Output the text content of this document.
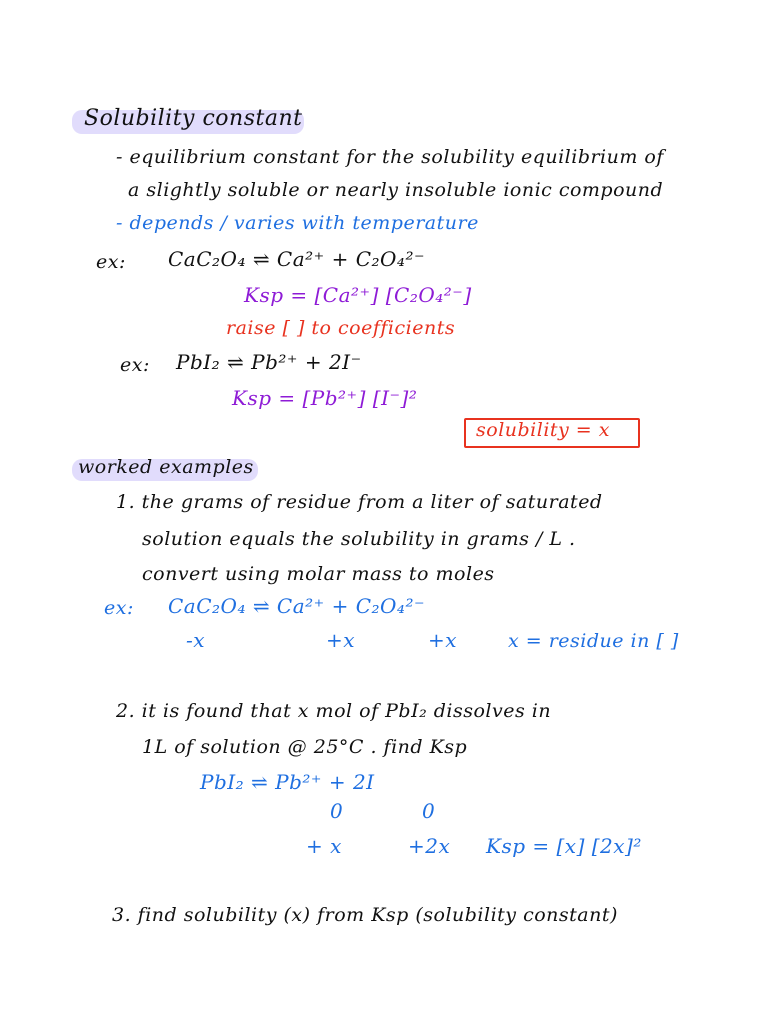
Solubility constant
- equilibrium constant for the solubility equilibrium of
a slightly soluble or nearly insoluble ionic compound
- depends / varies with temperature
ex: CaC₂O₄ ⇌ Ca²⁺ + C₂O₄²⁻
Ksp = [Ca²⁺] [C₂O₄²⁻]
raise [ ] to coefficients
ex: PbI₂ ⇌ Pb²⁺ + 2I⁻
Ksp = [Pb²⁺] [I⁻]²
solubility = x
worked examples
1. the grams of residue from a liter of saturated
solution equals the solubility in grams / L .
convert using molar mass to moles
ex: CaC₂O₄ ⇌ Ca²⁺ + C₂O₄²⁻
-x	+x	+x	x = residue in [ ]
2. it is found that x mol of PbI₂ dissolves in
1L of solution @ 25°C . find Ksp
PbI₂ ⇌ Pb²⁺ + 2I
0	0
+ x	+2x Ksp = [x] [2x]²
3. find solubility (x) from Ksp (solubility constant)
